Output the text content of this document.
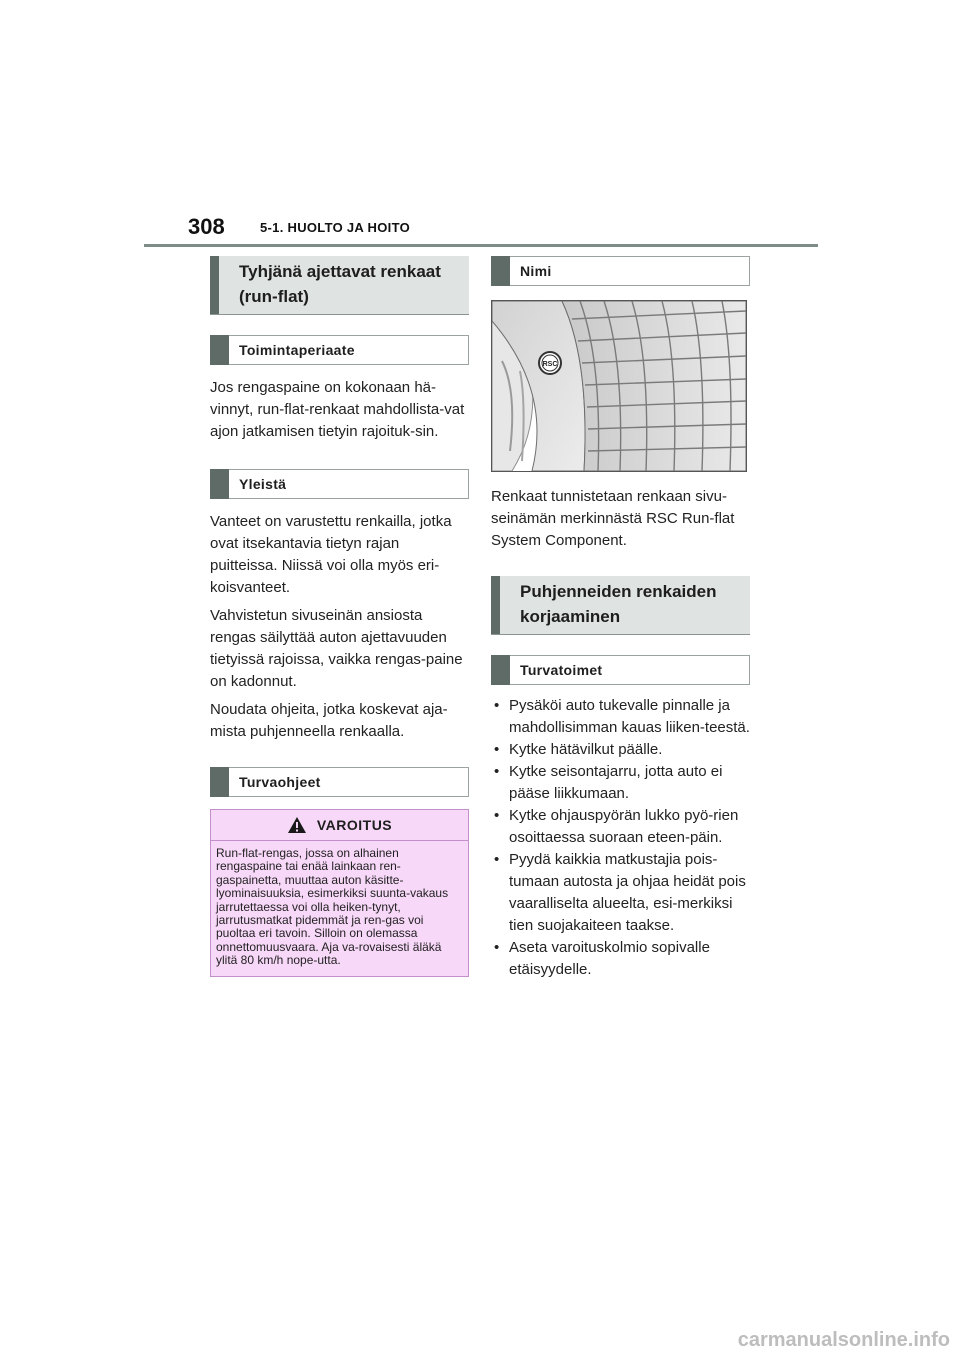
308	5-1. HUOLTO JA HOITO
Tyhjänä ajettavat renkaat (run-flat)
Toimintaperiaate

Jos rengaspaine on kokonaan hä-vinnyt, run-flat-renkaat mahdollista-vat ajon jatkamisen tietyin rajoituk-sin.

Yleistä

Vanteet on varustettu renkailla, jotka ovat itsekantavia tietyn rajan puitteissa. Niissä voi olla myös eri-koisvanteet.

Vahvistetun sivuseinän ansiosta rengas säilyttää auton ajettavuuden tietyissä rajoissa, vaikka rengas-paine on kadonnut.

Noudata ohjeita, jotka koskevat aja-mista puhjenneella renkaalla.

Turvaohjeet
VAROITUS
Run-flat-rengas, jossa on alhainen rengaspaine tai enää lainkaan ren-gaspainetta, muuttaa auton käsitte-lyominaisuuksia, esimerkiksi suunta-vakaus jarrutettaessa voi olla heiken-tynyt, jarrutusmatkat pidemmät ja ren-gas voi puoltaa eri tavoin. Silloin on olemassa onnettomuusvaara. Aja va-rovaisesti äläkä ylitä 80 km/h nope-utta.
Nimi
RSC

Renkaat tunnistetaan renkaan sivu-seinämän merkinnästä RSC Run-flat System Component.

Puhjenneiden renkaiden korjaaminen
Turvatoimet
• Pysäköi auto tukevalle pinnalle ja mahdollisimman kauas liiken-teestä.
• Kytke hätävilkut päälle.
• Kytke seisontajarru, jotta auto ei pääse liikkumaan.
• Kytke ohjauspyörän lukko pyö-rien osoittaessa suoraan eteen-päin.
• Pyydä kaikkia matkustajia pois-tumaan autosta ja ohjaa heidät pois vaaralliselta alueelta, esi-merkiksi tien suojakaiteen taakse.
• Aseta varoituskolmio sopivalle etäisyydelle.
carmanualsonline.info
